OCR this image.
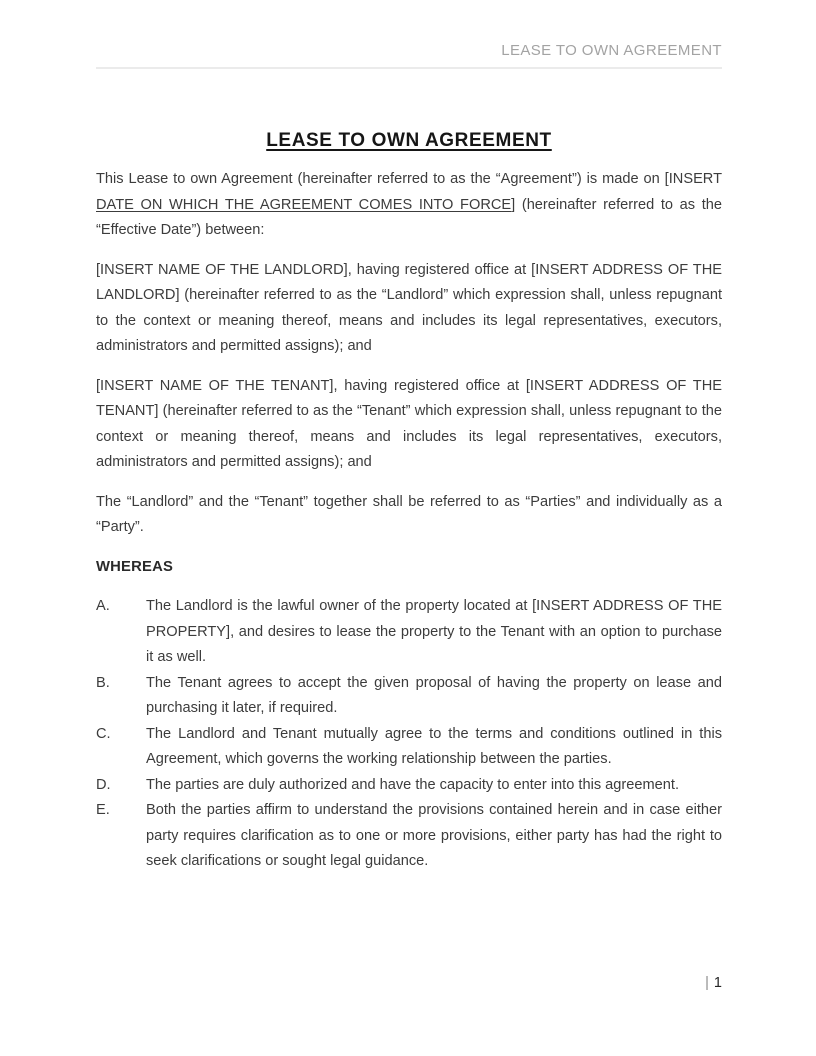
LEASE TO OWN AGREEMENT
LEASE TO OWN AGREEMENT

This Lease to own Agreement (hereinafter referred to as the “Agreement”) is made on [INSERT DATE ON WHICH THE AGREEMENT COMES INTO FORCE] (hereinafter referred to as the “Effective Date”) between:

[INSERT NAME OF THE LANDLORD], having registered office at [INSERT ADDRESS OF THE LANDLORD] (hereinafter referred to as the “Landlord” which expression shall, unless repugnant to the context or meaning thereof, means and includes its legal representatives, executors, administrators and permitted assigns); and

[INSERT NAME OF THE TENANT], having registered office at [INSERT ADDRESS OF THE TENANT] (hereinafter referred to as the “Tenant” which expression shall, unless repugnant to the context or meaning thereof, means and includes its legal representatives, executors, administrators and permitted assigns); and

The “Landlord” and the “Tenant” together shall be referred to as “Parties” and individually as a “Party”.

WHEREAS
A.	The Landlord is the lawful owner of the property located at [INSERT ADDRESS OF THE PROPERTY], and desires to lease the property to the Tenant with an option to purchase it as well.
B.	The Tenant agrees to accept the given proposal of having the property on lease and purchasing it later, if required.
C.	The Landlord and Tenant mutually agree to the terms and conditions outlined in this Agreement, which governs the working relationship between the parties.
D.	The parties are duly authorized and have the capacity to enter into this agreement.
E.	Both the parties affirm to understand the provisions contained herein and in case either party requires clarification as to one or more provisions, either party has had the right to seek clarifications or sought legal guidance.
| 1
